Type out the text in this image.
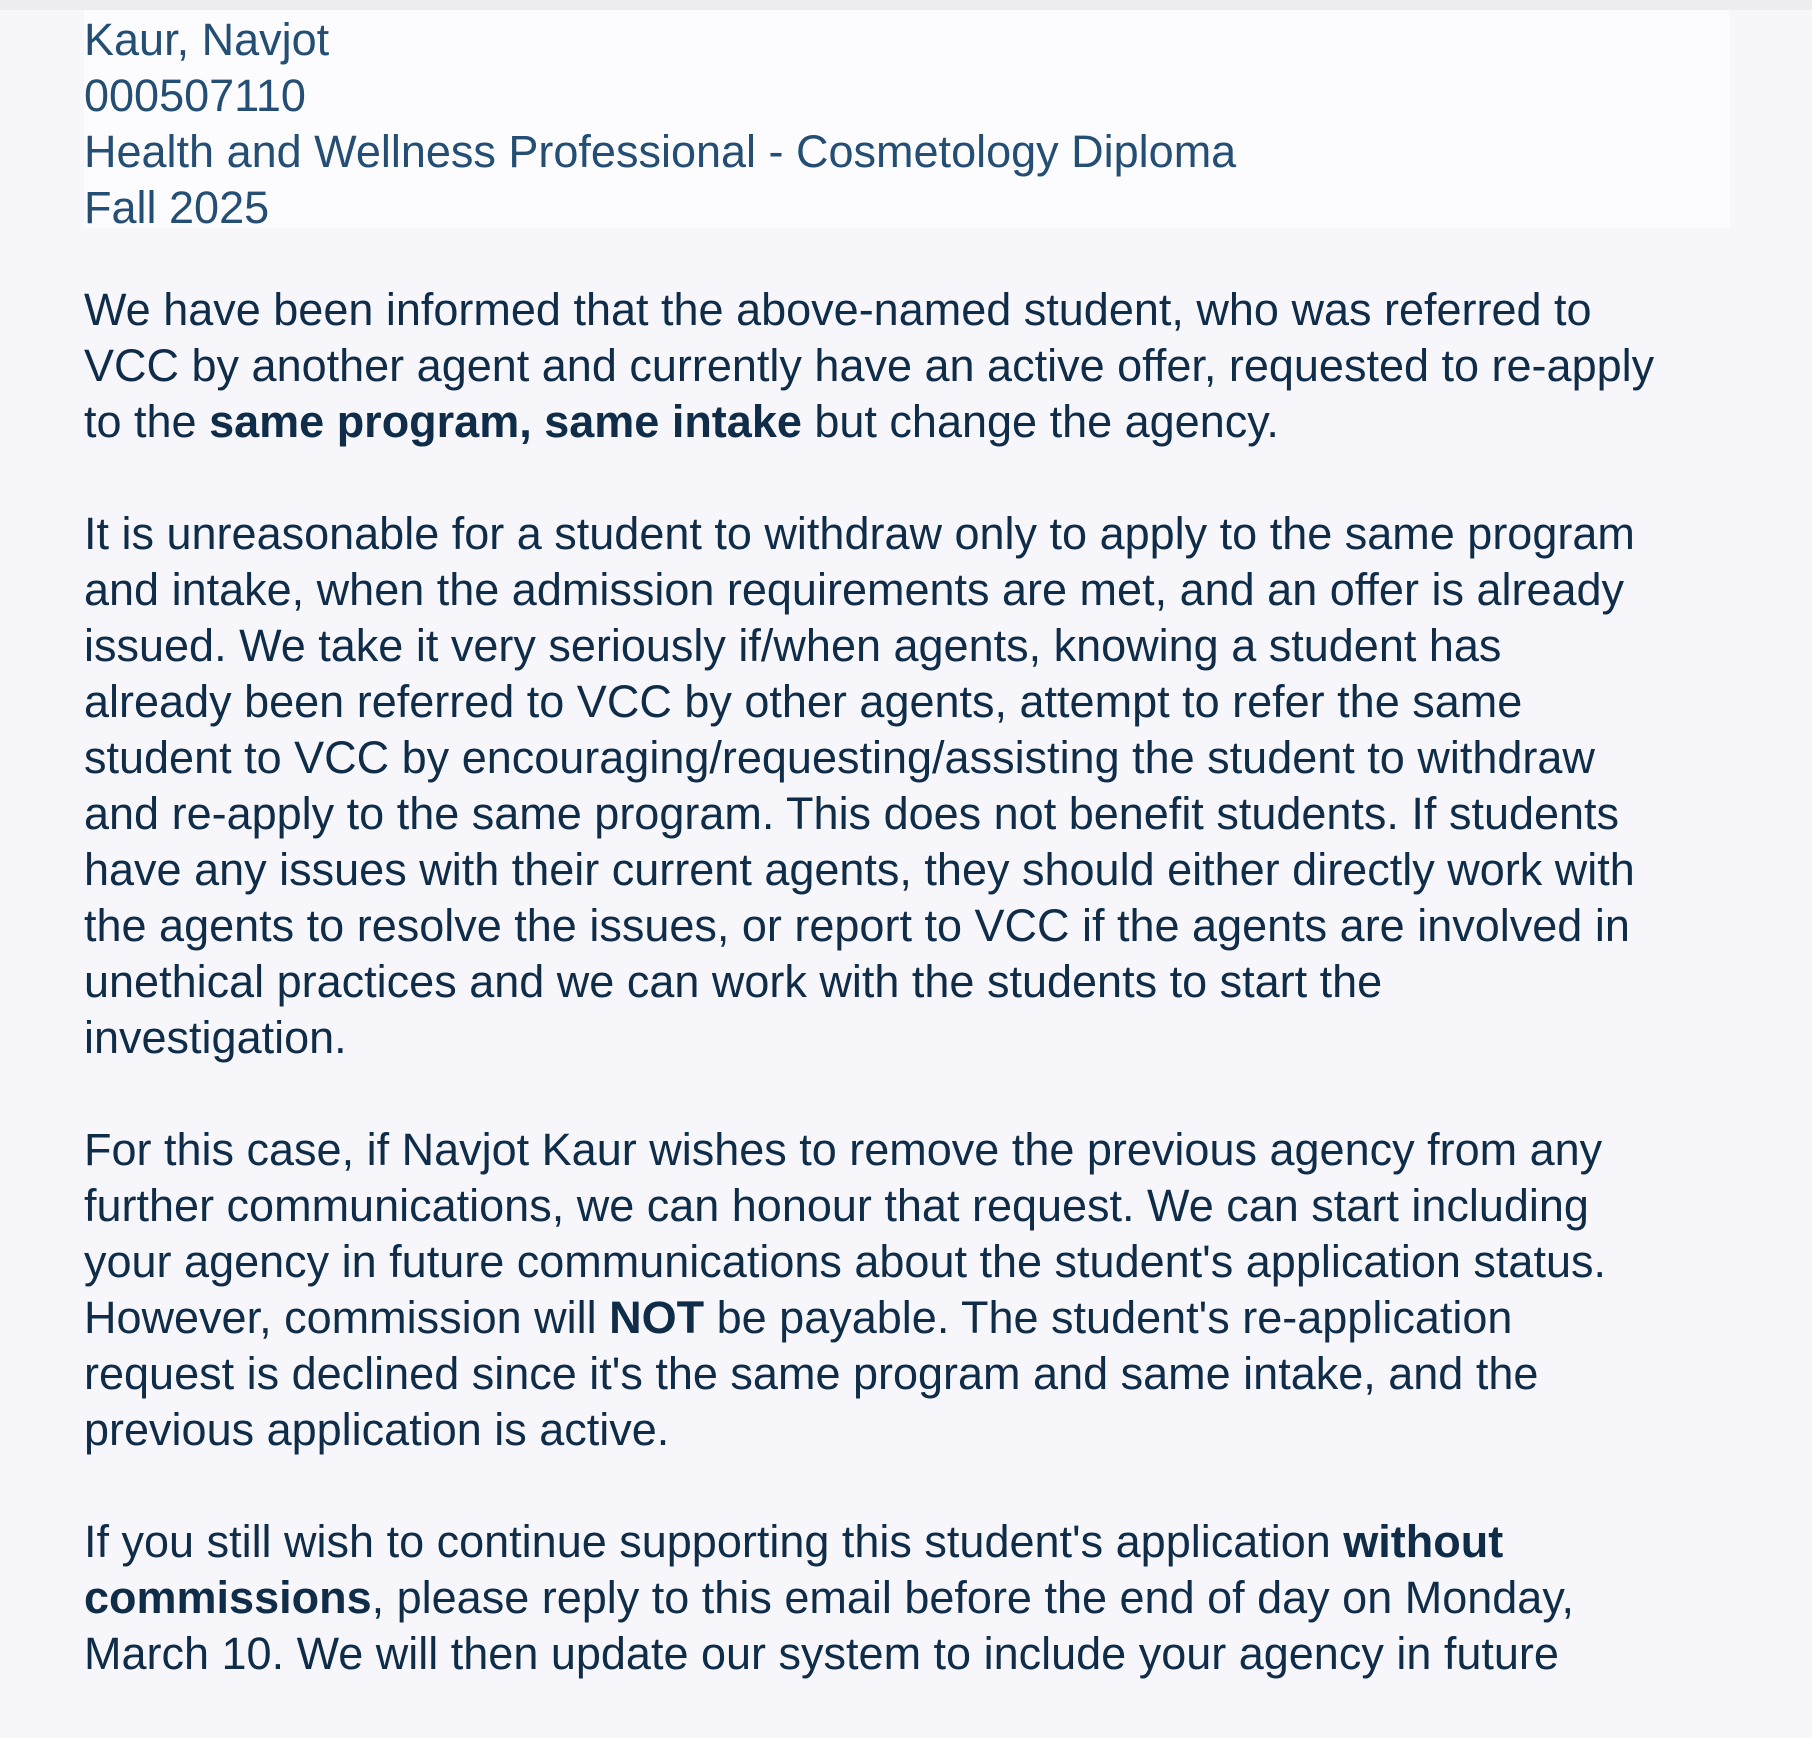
Kaur, Navjot
000507110
Health and Wellness Professional - Cosmetology Diploma
Fall 2025

We have been informed that the above-named student, who was referred to
VCC by another agent and currently have an active offer, requested to re-apply
to the same program, same intake but change the agency.

It is unreasonable for a student to withdraw only to apply to the same program
and intake, when the admission requirements are met, and an offer is already
issued. We take it very seriously if/when agents, knowing a student has
already been referred to VCC by other agents, attempt to refer the same
student to VCC by encouraging/requesting/assisting the student to withdraw
and re-apply to the same program. This does not benefit students. If students
have any issues with their current agents, they should either directly work with
the agents to resolve the issues, or report to VCC if the agents are involved in
unethical practices and we can work with the students to start the
investigation.

For this case, if Navjot Kaur wishes to remove the previous agency from any
further communications, we can honour that request. We can start including
your agency in future communications about the student's application status.
However, commission will NOT be payable. The student's re-application
request is declined since it's the same program and same intake, and the
previous application is active.

If you still wish to continue supporting this student's application without
commissions, please reply to this email before the end of day on Monday,
March 10. We will then update our system to include your agency in future
